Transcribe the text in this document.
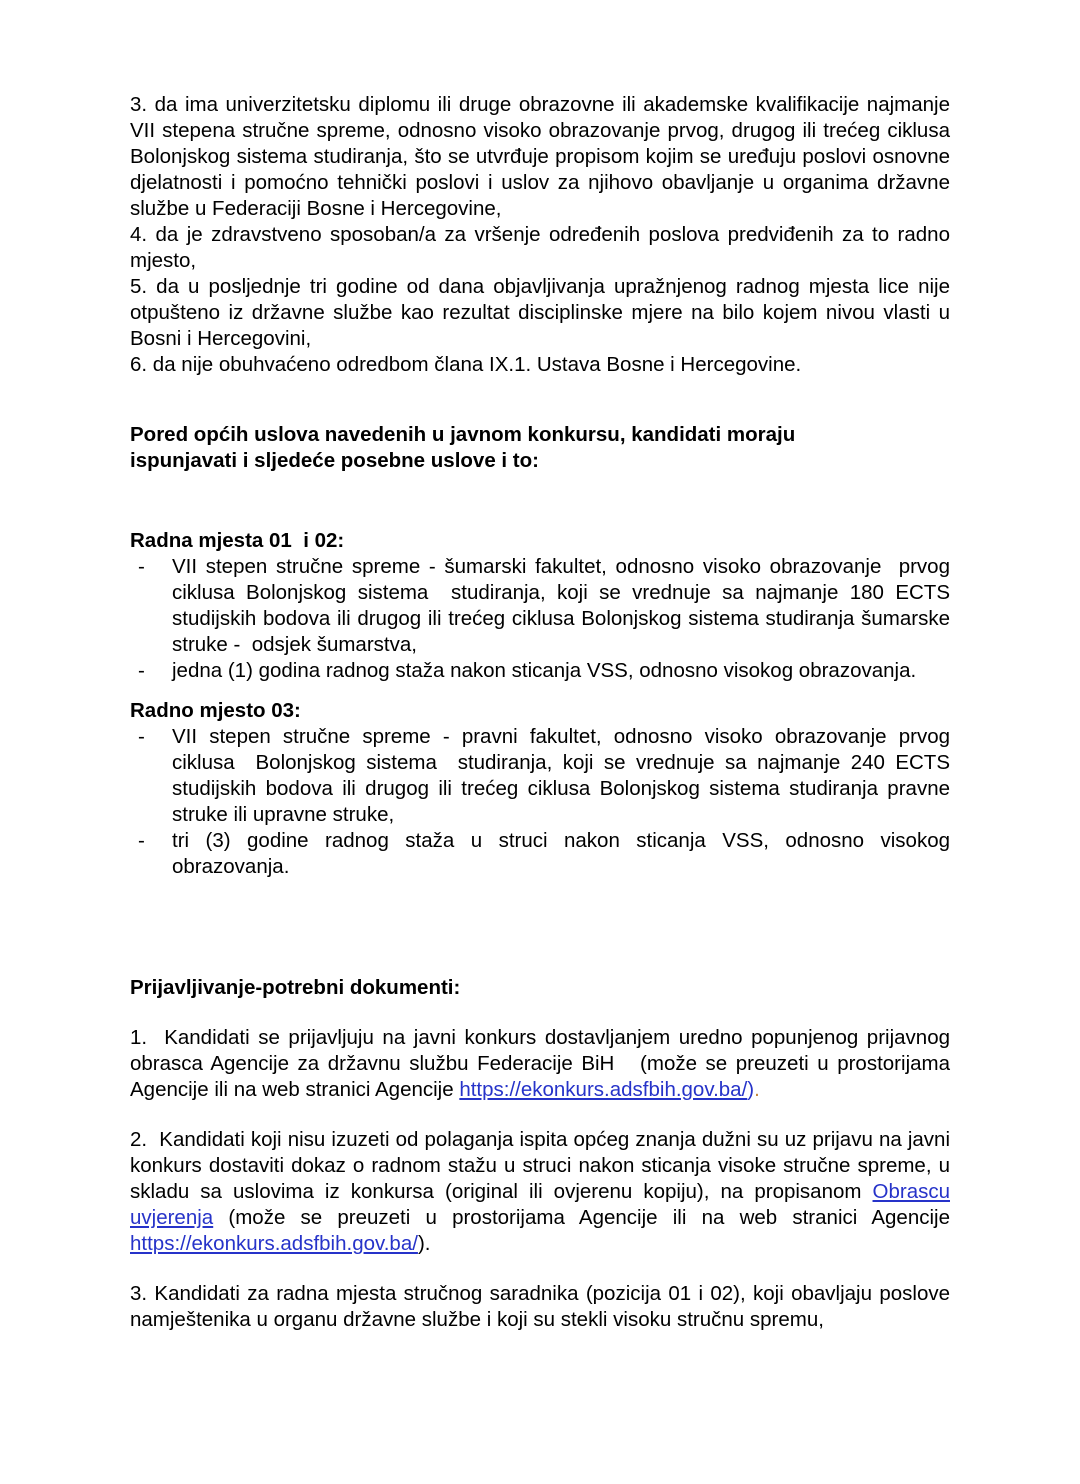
3. da ima univerzitetsku diplomu ili druge obrazovne ili akademske kvalifikacije najmanje VII stepena stručne spreme, odnosno visoko obrazovanje prvog, drugog ili trećeg ciklusa Bolonjskog sistema studiranja, što se utvrđuje propisom kojim se uređuju poslovi osnovne djelatnosti i pomoćno tehnički poslovi i uslov za njihovo obavljanje u organima državne službe u Federaciji Bosne i Hercegovine,
4. da je zdravstveno sposoban/a za vršenje određenih poslova predviđenih za to radno mjesto,
5. da u posljednje tri godine od dana objavljivanja upražnjenog radnog mjesta lice nije otpušteno iz državne službe kao rezultat disciplinske mjere na bilo kojem nivou vlasti u Bosni i Hercegovini,
6. da nije obuhvaćeno odredbom člana IX.1. Ustava Bosne i Hercegovine.
Pored općih uslova navedenih u javnom konkursu, kandidati moraju
ispunjavati i sljedeće posebne uslove i to:
Radna mjesta 01  i 02:
- VII stepen stručne spreme - šumarski fakultet, odnosno visoko obrazovanje  prvog ciklusa Bolonjskog sistema  studiranja, koji se vrednuje sa najmanje 180 ECTS studijskih bodova ili drugog ili trećeg ciklusa Bolonjskog sistema studiranja šumarske struke -  odsjek šumarstva,
- jedna (1) godina radnog staža nakon sticanja VSS, odnosno visokog obrazovanja.
Radno mjesto 03:
- VII stepen stručne spreme - pravni fakultet, odnosno visoko obrazovanje prvog ciklusa  Bolonjskog sistema  studiranja, koji se vrednuje sa najmanje 240 ECTS studijskih bodova ili drugog ili trećeg ciklusa Bolonjskog sistema studiranja pravne struke ili upravne struke,
- tri (3) godine radnog staža u struci nakon sticanja VSS, odnosno visokog obrazovanja.
Prijavljivanje-potrebni dokumenti:
1.  Kandidati se prijavljuju na javni konkurs dostavljanjem uredno popunjenog prijavnog obrasca Agencije za državnu službu Federacije BiH   (može se preuzeti u prostorijama Agencije ili na web stranici Agencije https://ekonkurs.adsfbih.gov.ba/).
2.  Kandidati koji nisu izuzeti od polaganja ispita općeg znanja dužni su uz prijavu na javni konkurs dostaviti dokaz o radnom stažu u struci nakon sticanja visoke stručne spreme, u skladu sa uslovima iz konkursa (original ili ovjerenu kopiju), na propisanom Obrascu uvjerenja (može se preuzeti u prostorijama Agencije ili na web stranici Agencije https://ekonkurs.adsfbih.gov.ba/).
3. Kandidati za radna mjesta stručnog saradnika (pozicija 01 i 02), koji obavljaju poslove namještenika u organu državne službe i koji su stekli visoku stručnu spremu,
